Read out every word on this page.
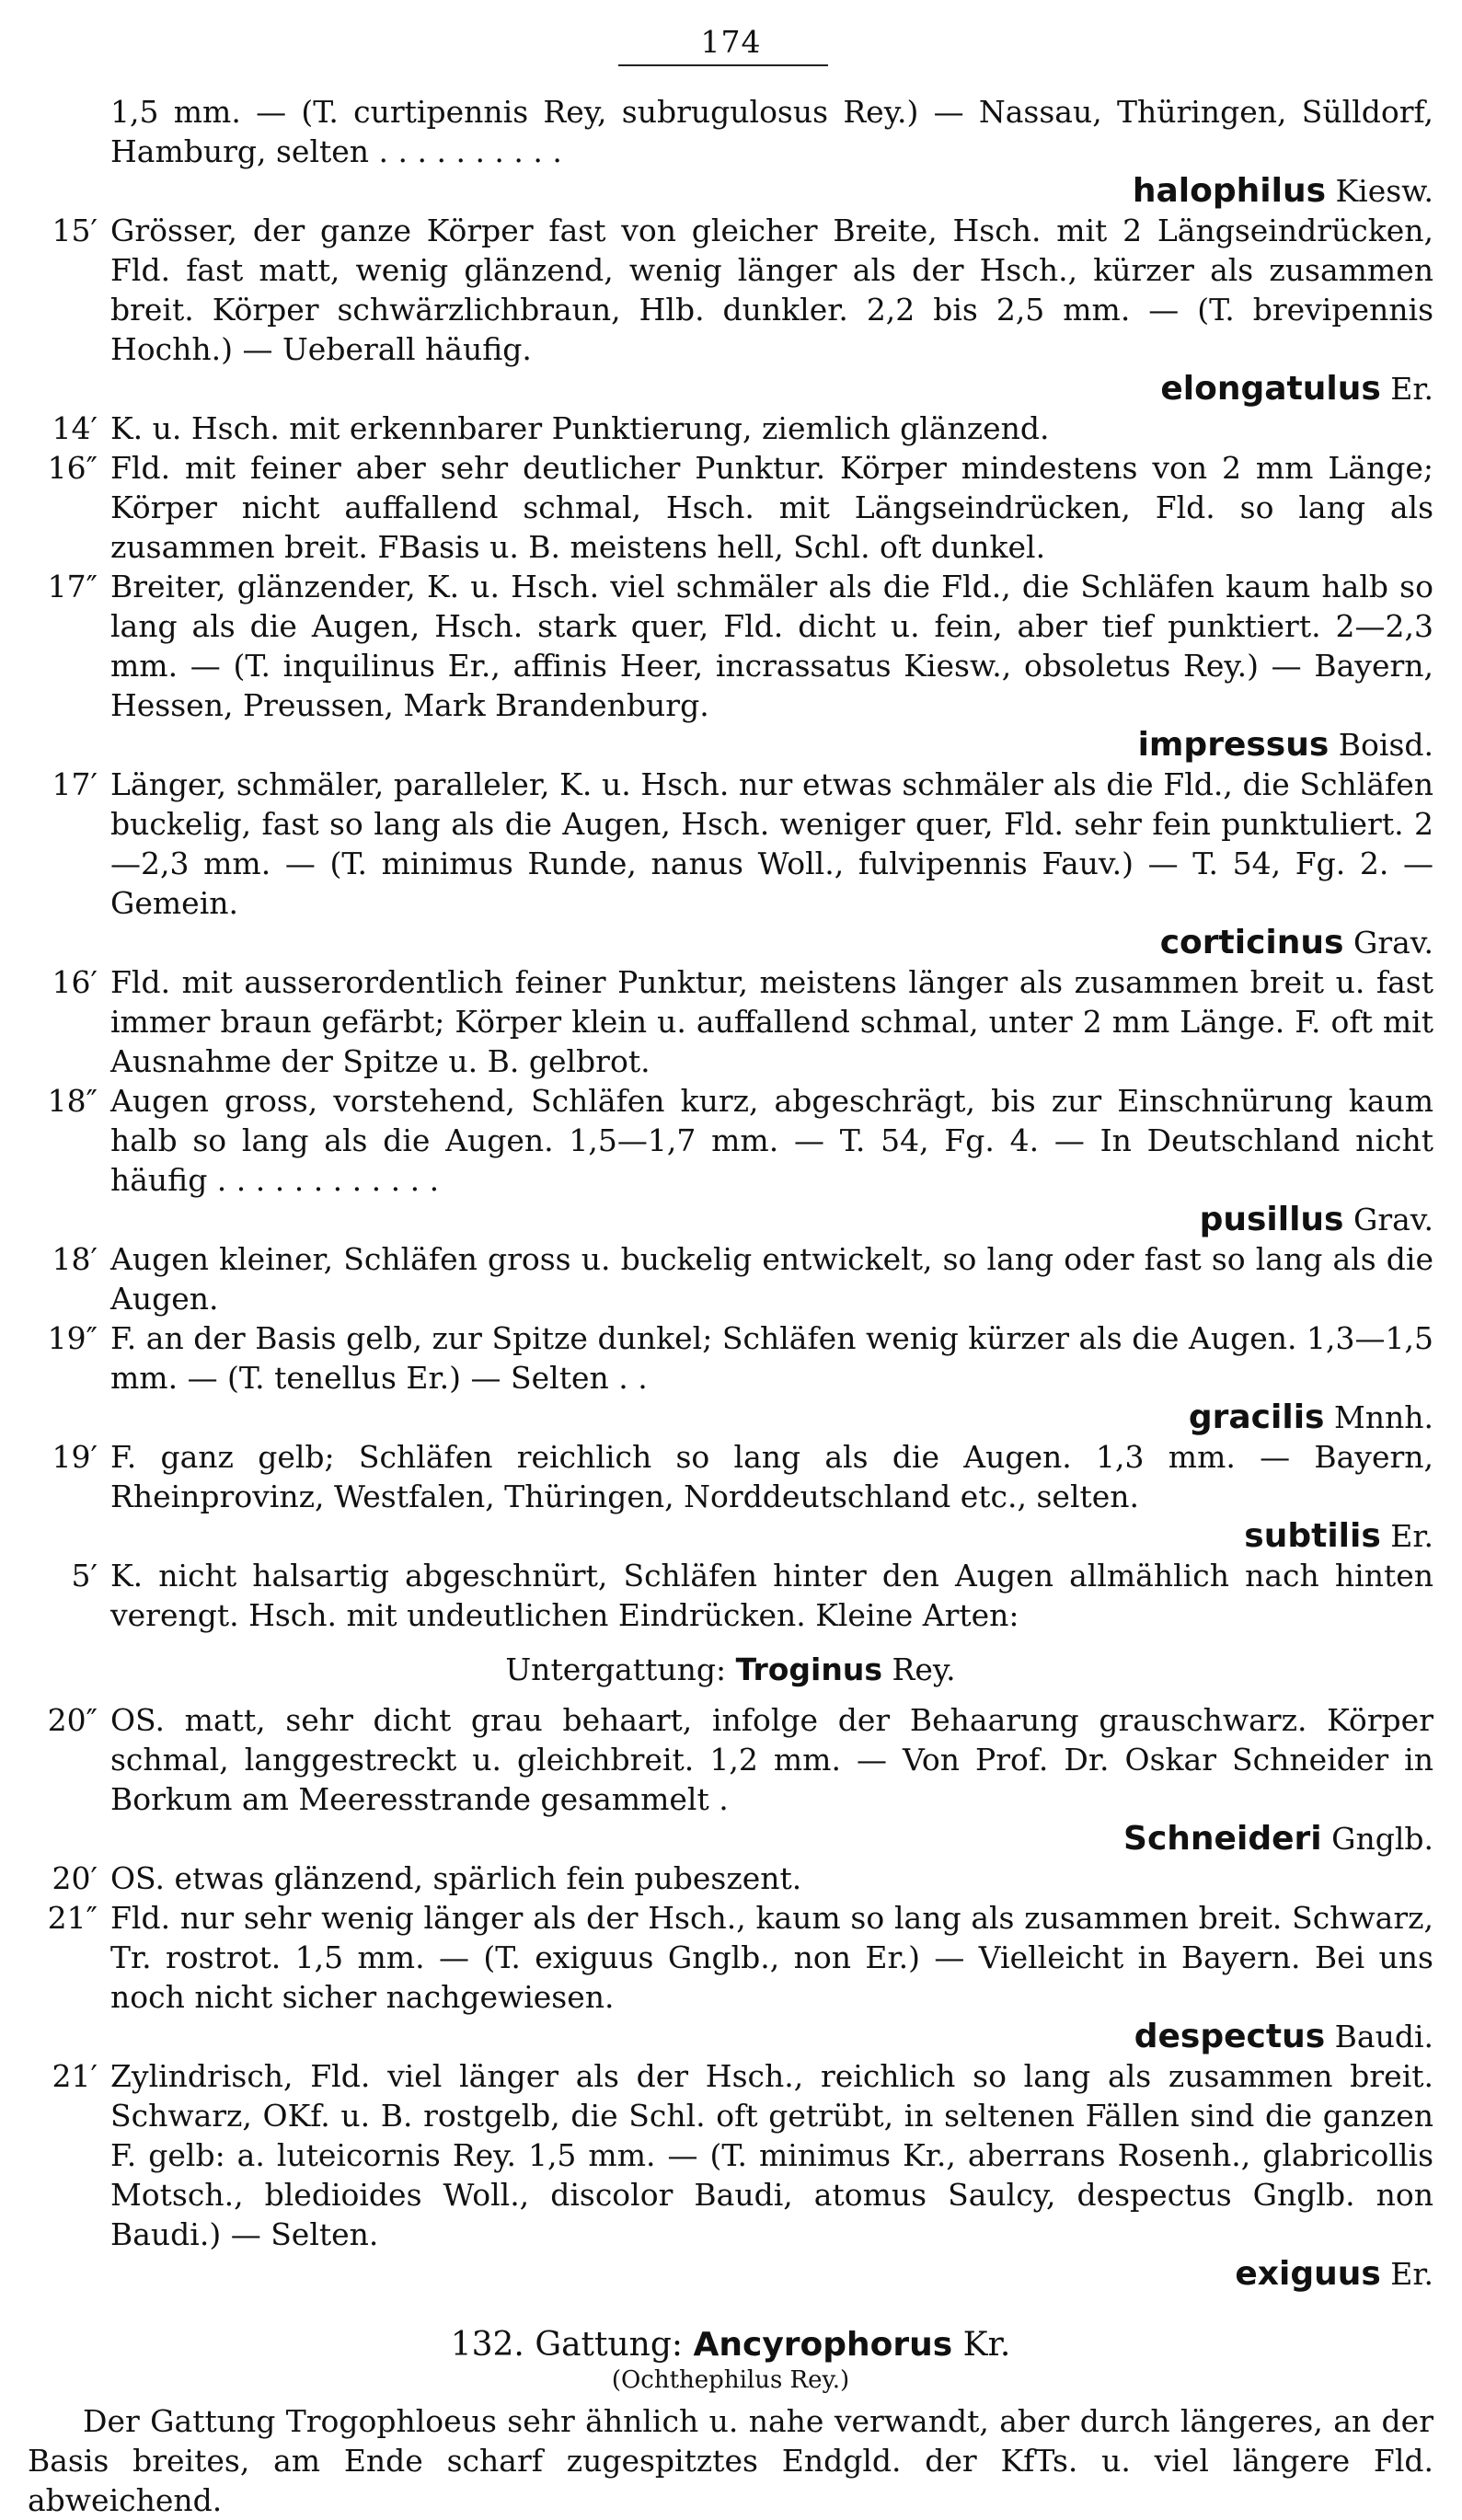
174
1,5 mm. — (T. curtipennis Rey, subrugulosus Rey.) — Nassau, Thüringen, Sülldorf, Hamburg, selten . . . . . . . . . .
halophilus Kiesw.
15′ Grösser, der ganze Körper fast von gleicher Breite, Hsch. mit 2 Längseindrücken, Fld. fast matt, wenig glänzend, wenig länger als der Hsch., kürzer als zusammen breit. Körper schwärzlichbraun, Hlb. dunkler. 2,2 bis 2,5 mm. — (T. brevipennis Hochh.) — Ueberall häufig.
elongatulus Er.
14′ K. u. Hsch. mit erkennbarer Punktierung, ziemlich glänzend.
16″ Fld. mit feiner aber sehr deutlicher Punktur. Körper mindestens von 2 mm Länge; Körper nicht auffallend schmal, Hsch. mit Längseindrücken, Fld. so lang als zusammen breit. FBasis u. B. meistens hell, Schl. oft dunkel.
17″ Breiter, glänzender, K. u. Hsch. viel schmäler als die Fld., die Schläfen kaum halb so lang als die Augen, Hsch. stark quer, Fld. dicht u. fein, aber tief punktiert. 2—2,3 mm. — (T. inquilinus Er., affinis Heer, incrassatus Kiesw., obsoletus Rey.) — Bayern, Hessen, Preussen, Mark Brandenburg.
impressus Boisd.
17′ Länger, schmäler, paralleler, K. u. Hsch. nur etwas schmäler als die Fld., die Schläfen buckelig, fast so lang als die Augen, Hsch. weniger quer, Fld. sehr fein punktuliert. 2—2,3 mm. — (T. minimus Runde, nanus Woll., fulvipennis Fauv.) — T. 54, Fg. 2. — Gemein.
corticinus Grav.
16′ Fld. mit ausserordentlich feiner Punktur, meistens länger als zusammen breit u. fast immer braun gefärbt; Körper klein u. auffallend schmal, unter 2 mm Länge. F. oft mit Ausnahme der Spitze u. B. gelbrot.
18″ Augen gross, vorstehend, Schläfen kurz, abgeschrägt, bis zur Einschnürung kaum halb so lang als die Augen. 1,5—1,7 mm. — T. 54, Fg. 4. — In Deutschland nicht häufig . . . . . . . . . . . .
pusillus Grav.
18′ Augen kleiner, Schläfen gross u. buckelig entwickelt, so lang oder fast so lang als die Augen.
19″ F. an der Basis gelb, zur Spitze dunkel; Schläfen wenig kürzer als die Augen. 1,3—1,5 mm. — (T. tenellus Er.) — Selten . .
gracilis Mnnh.
19′ F. ganz gelb; Schläfen reichlich so lang als die Augen. 1,3 mm. — Bayern, Rheinprovinz, Westfalen, Thüringen, Norddeutschland etc., selten.
subtilis Er.
5′ K. nicht halsartig abgeschnürt, Schläfen hinter den Augen allmählich nach hinten verengt. Hsch. mit undeutlichen Eindrücken. Kleine Arten:
Untergattung: Troginus Rey.
20″ OS. matt, sehr dicht grau behaart, infolge der Behaarung grauschwarz. Körper schmal, langgestreckt u. gleichbreit. 1,2 mm. — Von Prof. Dr. Oskar Schneider in Borkum am Meeresstrande gesammelt .
Schneideri Gnglb.
20′ OS. etwas glänzend, spärlich fein pubeszent.
21″ Fld. nur sehr wenig länger als der Hsch., kaum so lang als zusammen breit. Schwarz, Tr. rostrot. 1,5 mm. — (T. exiguus Gnglb., non Er.) — Vielleicht in Bayern. Bei uns noch nicht sicher nachgewiesen.
despectus Baudi.
21′ Zylindrisch, Fld. viel länger als der Hsch., reichlich so lang als zusammen breit. Schwarz, OKf. u. B. rostgelb, die Schl. oft getrübt, in seltenen Fällen sind die ganzen F. gelb: a. luteicornis Rey. 1,5 mm. — (T. minimus Kr., aberrans Rosenh., glabricollis Motsch., bledioides Woll., discolor Baudi, atomus Saulcy, despectus Gnglb. non Baudi.) — Selten.
exiguus Er.
132. Gattung: Ancyrophorus Kr.
(Ochthephilus Rey.)
Der Gattung Trogophloeus sehr ähnlich u. nahe verwandt, aber durch längeres, an der Basis breites, am Ende scharf zugespitztes Endgld. der KfTs. u. viel längere Fld. abweichend.
